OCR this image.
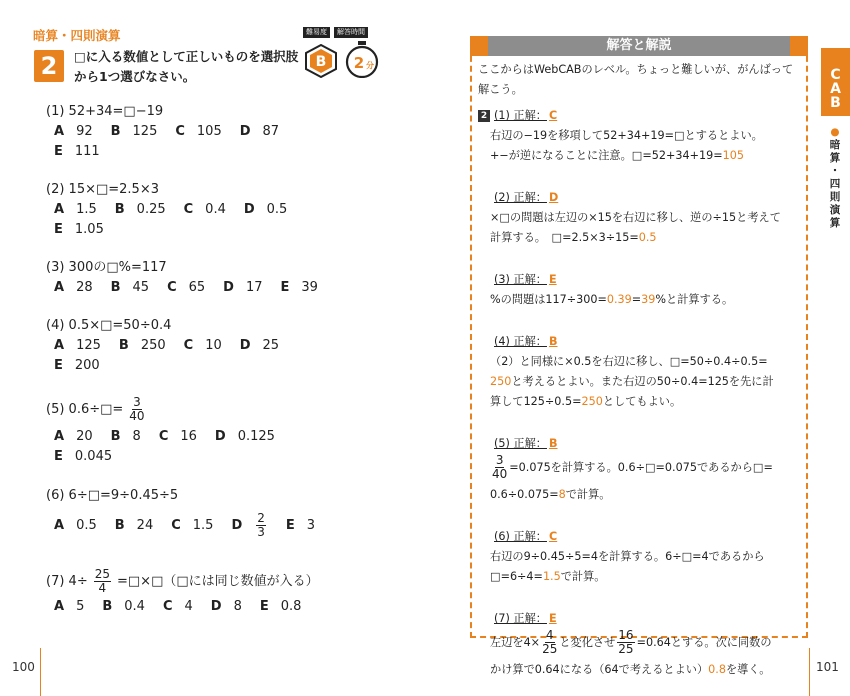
暗算・四則演算
2	□に入る数値として正しいものを選択肢
から1つ選びなさい。
難易度	解答時間
B 2 分
(1) 52+34=□−19
A 92 B 125 C 105 D 87
E 111
(2) 15×□=2.5×3
A 1.5 B 0.25 C 0.4 D 0.5
E 1.05
(3) 300の□%=117
A 28 B 45 C 65 D 17 E 39
(4) 0.5×□=50÷0.4
A 125 B 250 C 10 D 25
E 200
(5) 0.6÷□= $\frac{3}{40}$
A 20 B 8 C 16 D 0.125
E 0.045
(6) 6÷□=9÷0.45÷5
A 0.5 B 24 C 1.5 D $\frac{2}{3}$ E 3
(7) $4\div \frac{25}{4}$ =□×□（□には同じ数値が入る）
A 5 B 0.4 C 4 D 8 E 0.8
100
解答と解説
ここからはWebCABのレベル。ちょっと難しいが、がんばって解こう。
2 (1) 正解： C
右辺の−19を移項して52+34+19=□とするとよい。
+−が逆になることに注意。□=52+34+19=105
(2) 正解： D
×□の問題は左辺の×15を右辺に移し、逆の÷15と考えて
計算する。　□=2.5×3÷15=0.5
(3) 正解： E
%の問題は117÷300=0.39=39%と計算する。
(4) 正解： B
（2）と同様に×0.5を右辺に移し、□=50÷0.4÷0.5=
250と考えるとよい。また右辺の50÷0.4=125を先に計
算して125÷0.5=250としてもよい。
(5) 正解： B
$\frac{3}{40} =0.075$を計算する。0.6÷□=0.075であるから□=
0.6÷0.075=8で計算。
(6) 正解： C
右辺の9÷0.45÷5=4を計算する。6÷□=4であるから
□=6÷4=1.5で計算。
(7) 正解： E
左辺を$4\times \frac{4}{25}$ と変化させ $\frac{16}{25} =0.64$とする。次に同数の
かけ算で0.64になる（64で考えるとよい）0.8を導く。
C
A
B
●
暗
算
・
四
則
演
算
101
